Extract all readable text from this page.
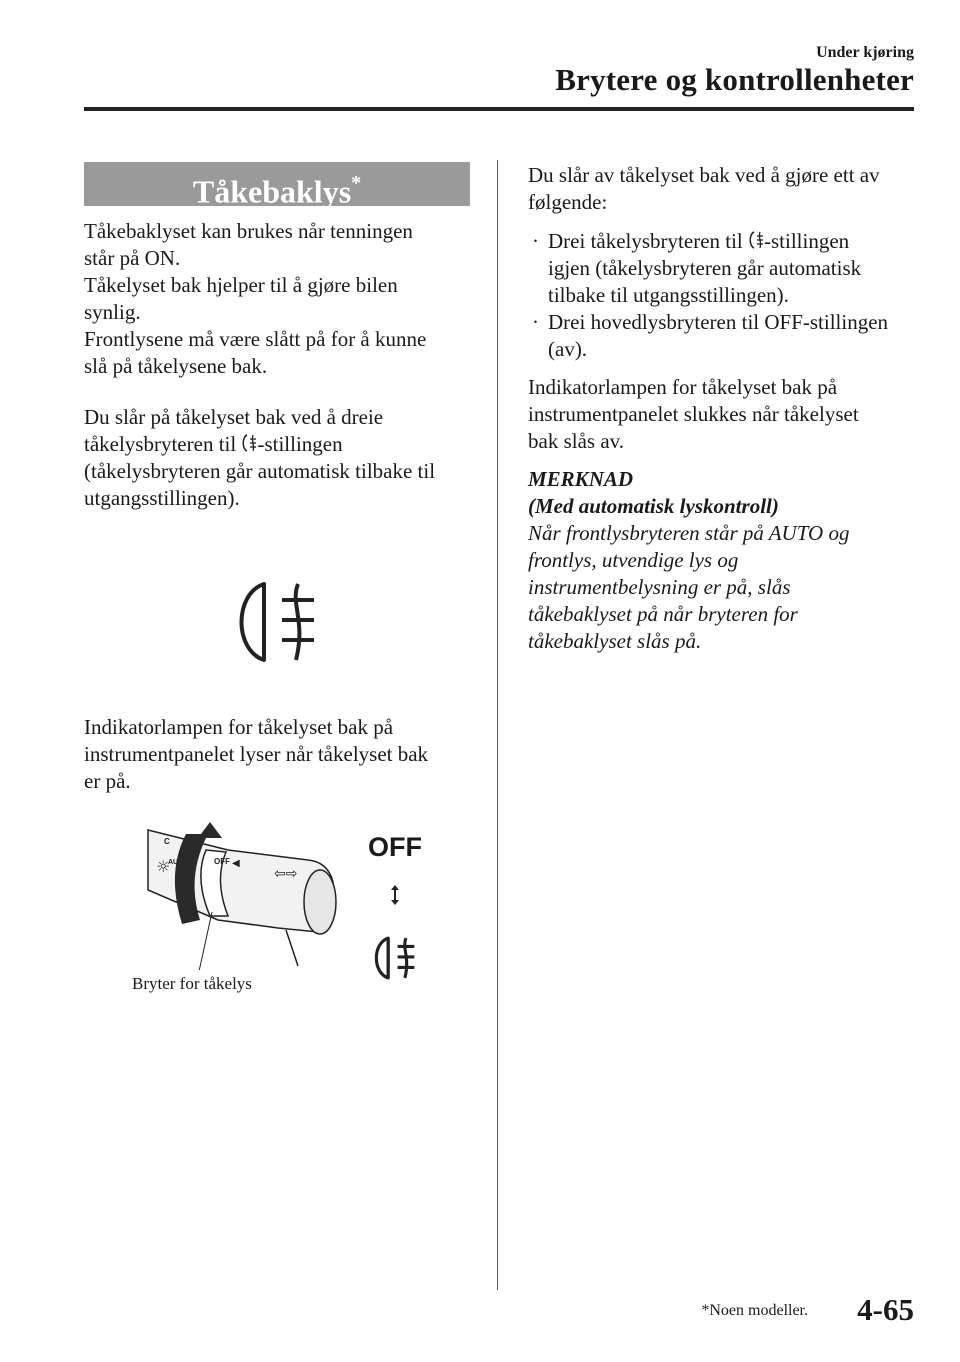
Under kjøring
Brytere og kontrollenheter
Tåkebaklys*

Tåkebaklyset kan brukes når tenningen

står på ON.

Tåkelyset bak hjelper til å gjøre bilen

synlig.

Frontlysene må være slått på for å kunne

slå på tåkelysene bak.

Du slår på tåkelyset bak ved å dreie

tåkelysbryteren til -stillingen

(tåkelysbryteren går automatisk tilbake til

utgangsstillingen).

Indikatorlampen for tåkelyset bak på

instrumentpanelet lyser når tåkelyset bak

er på.

OFF ◀
⇦⇨
☼
AU
C	OFF
Bryter for tåkelys

Du slår av tåkelyset bak ved å gjøre ett av

følgende:

· Drei tåkelysbryteren til -stillingen
igjen (tåkelysbryteren går automatisk
tilbake til utgangsstillingen).
· Drei hovedlysbryteren til OFF-stillingen
(av).

Indikatorlampen for tåkelyset bak på

instrumentpanelet slukkes når tåkelyset

bak slås av.

MERKNAD

(Med automatisk lyskontroll)

Når frontlysbryteren står på AUTO og

frontlys, utvendige lys og

instrumentbelysning er på, slås

tåkebaklyset på når bryteren for

tåkebaklyset slås på.

*Noen modeller. 4-65
